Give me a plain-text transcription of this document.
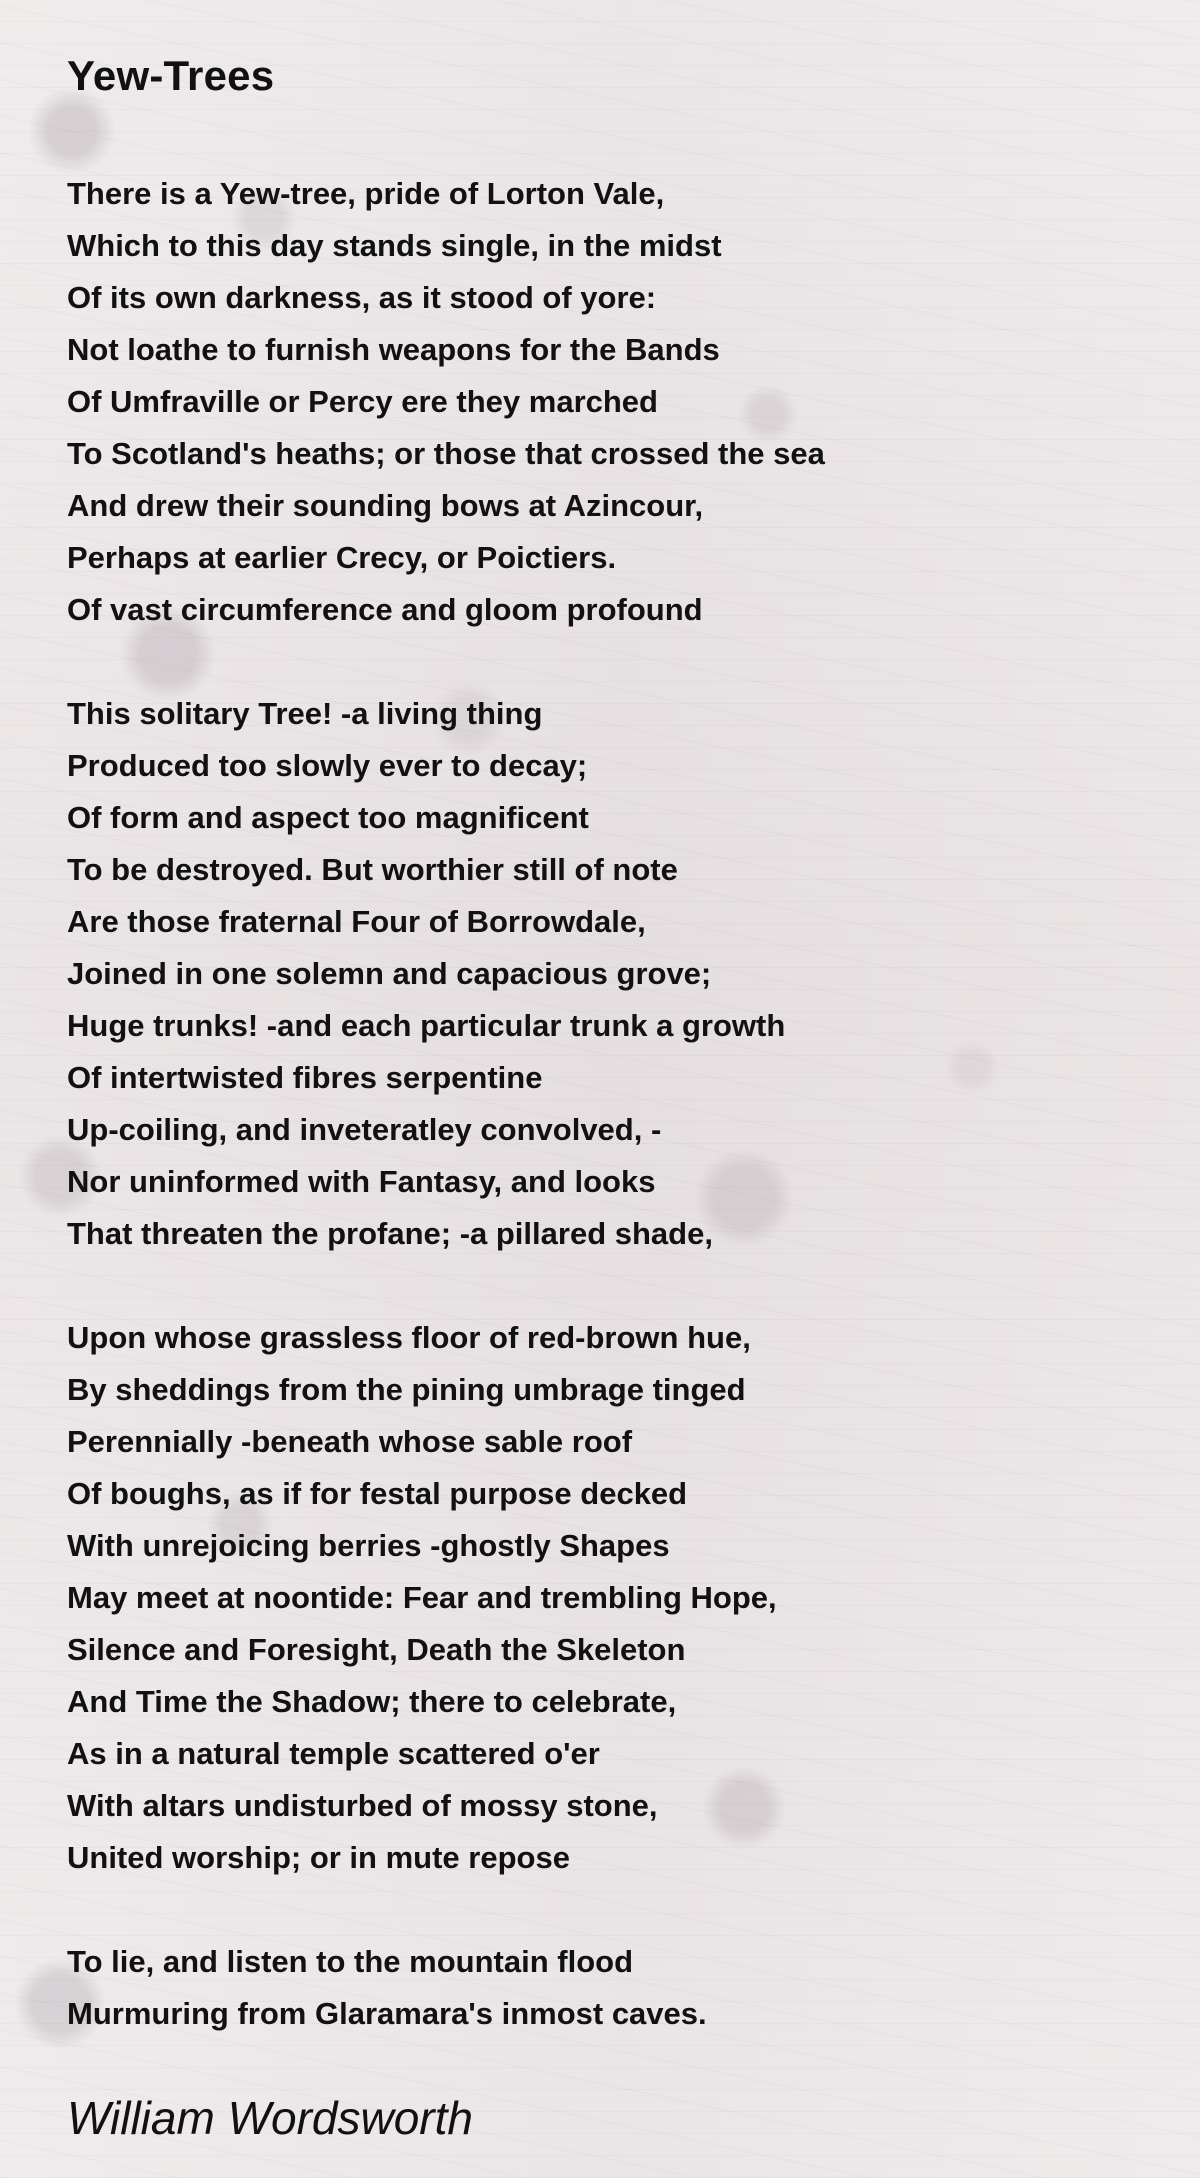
Yew-Trees
There is a Yew-tree, pride of Lorton Vale,
Which to this day stands single, in the midst
Of its own darkness, as it stood of yore:
Not loathe to furnish weapons for the Bands
Of Umfraville or Percy ere they marched
To Scotland's heaths; or those that crossed the sea
And drew their sounding bows at Azincour,
Perhaps at earlier Crecy, or Poictiers.
Of vast circumference and gloom profound
This solitary Tree! -a living thing
Produced too slowly ever to decay;
Of form and aspect too magnificent
To be destroyed. But worthier still of note
Are those fraternal Four of Borrowdale,
Joined in one solemn and capacious grove;
Huge trunks! -and each particular trunk a growth
Of intertwisted fibres serpentine
Up-coiling, and inveteratley convolved, -
Nor uninformed with Fantasy, and looks
That threaten the profane; -a pillared shade,
Upon whose grassless floor of red-brown hue,
By sheddings from the pining umbrage tinged
Perennially -beneath whose sable roof
Of boughs, as if for festal purpose decked
With unrejoicing berries -ghostly Shapes
May meet at noontide: Fear and trembling Hope,
Silence and Foresight, Death the Skeleton
And Time the Shadow; there to celebrate,
As in a natural temple scattered o'er
With altars undisturbed of mossy stone,
United worship; or in mute repose
To lie, and listen to the mountain flood
Murmuring from Glaramara's inmost caves.
William Wordsworth
